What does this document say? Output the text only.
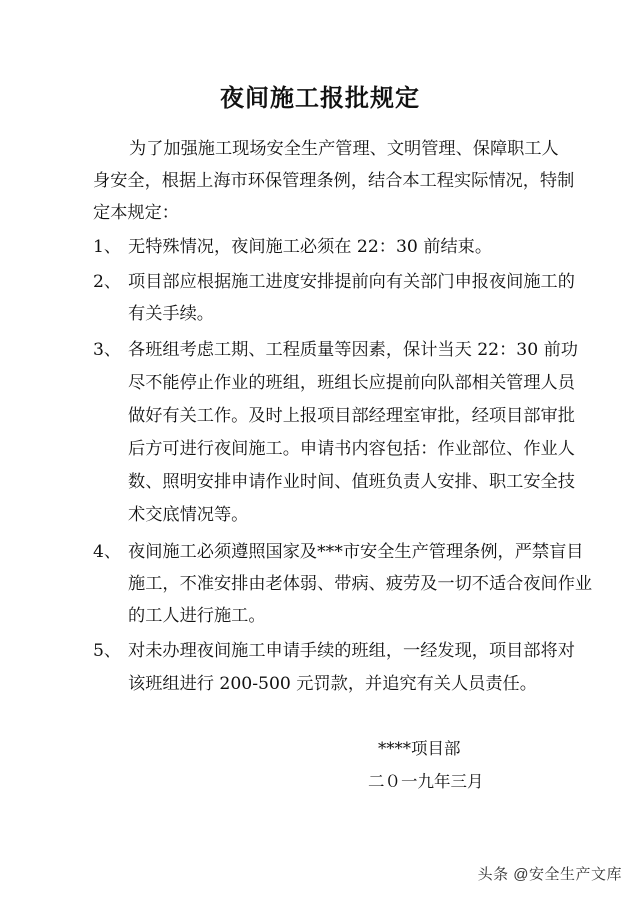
夜间施工报批规定

为了加强施工现场安全生产管理、文明管理、保障职工人

身安全，根据上海市环保管理条例，结合本工程实际情况，特制

定本规定：

1、 无特殊情况，夜间施工必须在 22：30 前结束。

2、 项目部应根据施工进度安排提前向有关部门申报夜间施工的

有关手续。

3、 各班组考虑工期、工程质量等因素，保计当天 22：30 前功

尽不能停止作业的班组，班组长应提前向队部相关管理人员

做好有关工作。及时上报项目部经理室审批，经项目部审批

后方可进行夜间施工。申请书内容包括：作业部位、作业人

数、照明安排申请作业时间、值班负责人安排、职工安全技

术交底情况等。

4、 夜间施工必须遵照国家及***市安全生产管理条例，严禁盲目

施工，不准安排由老体弱、带病、疲劳及一切不适合夜间作业

的工人进行施工。

5、 对未办理夜间施工申请手续的班组，一经发现，项目部将对

该班组进行 200-500 元罚款，并追究有关人员责任。

****项目部

二０一九年三月

头条 @安全生产文库
